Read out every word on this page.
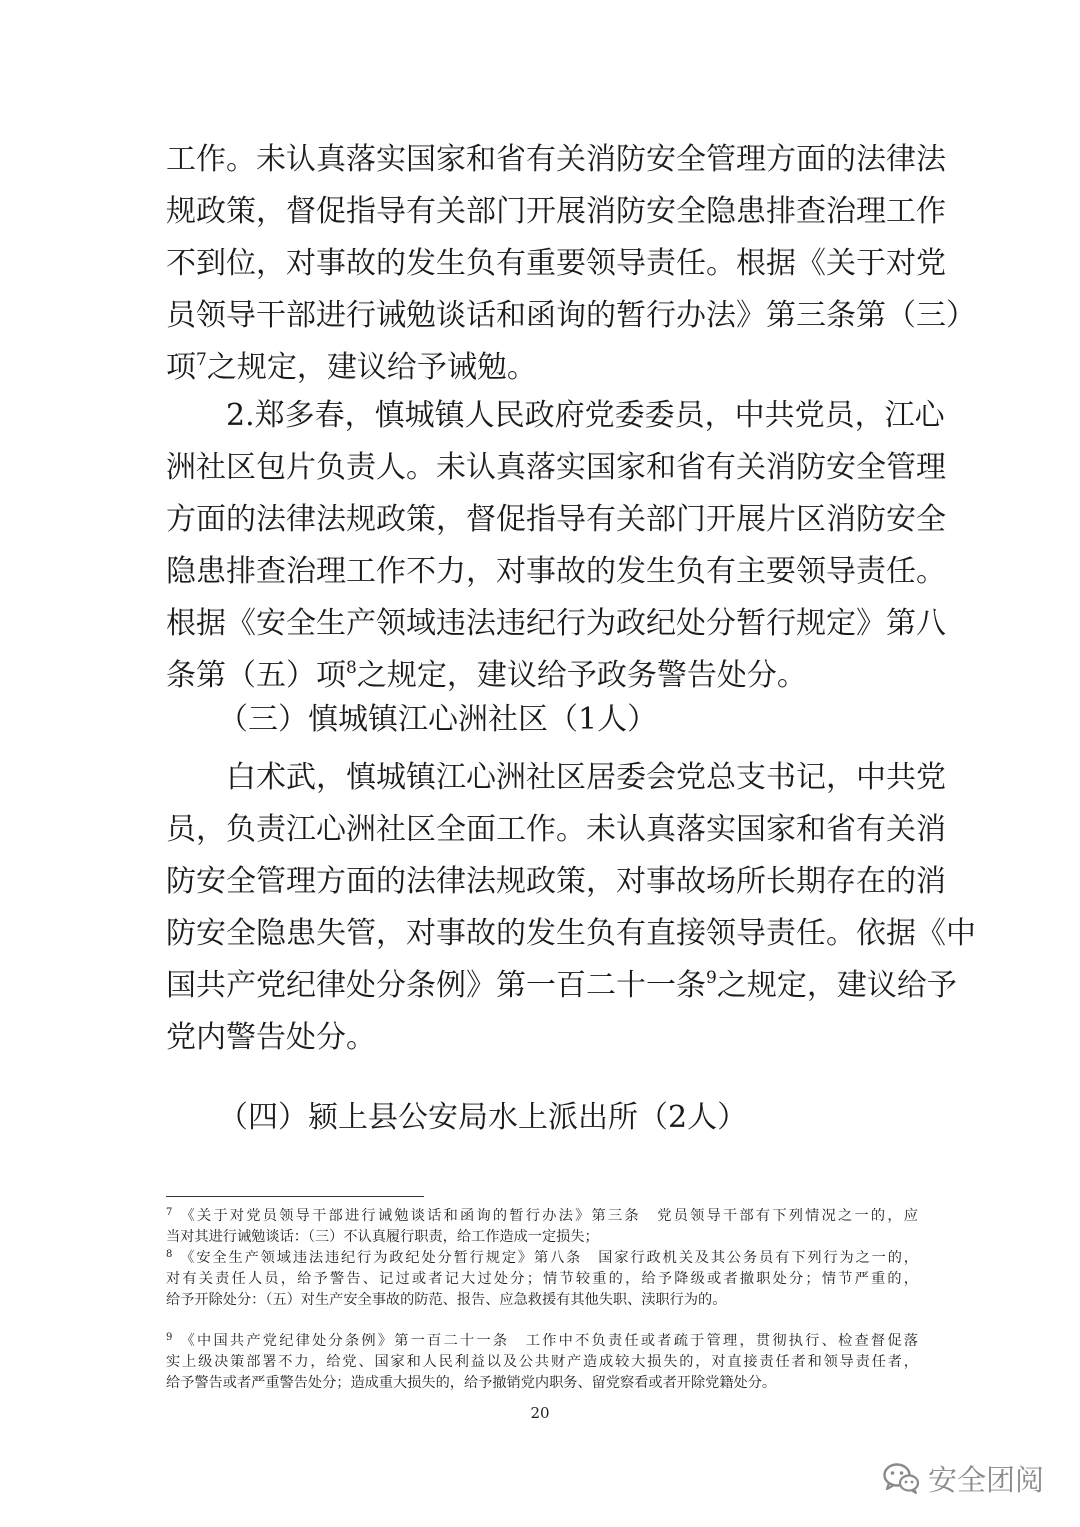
工作。未认真落实国家和省有关消防安全管理方面的法律法
规政策，督促指导有关部门开展消防安全隐患排查治理工作
不到位，对事故的发生负有重要领导责任。根据《关于对党
员领导干部进行诫勉谈话和函询的暂行办法》第三条第（三）
项$^7$之规定，建议给予诫勉。
2.郑多春，慎城镇人民政府党委委员，中共党员，江心
洲社区包片负责人。未认真落实国家和省有关消防安全管理
方面的法律法规政策，督促指导有关部门开展片区消防安全
隐患排查治理工作不力，对事故的发生负有主要领导责任。
根据《安全生产领域违法违纪行为政纪处分暂行规定》第八
条第（五）项$^8$之规定，建议给予政务警告处分。
（三）慎城镇江心洲社区（1人）
白术武，慎城镇江心洲社区居委会党总支书记，中共党
员，负责江心洲社区全面工作。未认真落实国家和省有关消
防安全管理方面的法律法规政策，对事故场所长期存在的消
防安全隐患失管，对事故的发生负有直接领导责任。依据《中
国共产党纪律处分条例》第一百二十一条$^9$之规定，建议给予
党内警告处分。
（四）颍上县公安局水上派出所（2人）
$^7$ 《关于对党员领导干部进行诫勉谈话和函询的暂行办法》第三条　党员领导干部有下列情况之一的，应
当对其进行诫勉谈话：（三）不认真履行职责，给工作造成一定损失；
$^8$ 《安全生产领域违法违纪行为政纪处分暂行规定》第八条　国家行政机关及其公务员有下列行为之一的，
对有关责任人员，给予警告、记过或者记大过处分；情节较重的，给予降级或者撤职处分；情节严重的，
给予开除处分：（五）对生产安全事故的防范、报告、应急救援有其他失职、渎职行为的。
$^9$ 《中国共产党纪律处分条例》第一百二十一条　工作中不负责任或者疏于管理，贯彻执行、检查督促落
实上级决策部署不力，给党、国家和人民利益以及公共财产造成较大损失的，对直接责任者和领导责任者，
给予警告或者严重警告处分；造成重大损失的，给予撤销党内职务、留党察看或者开除党籍处分。
20
安全团阅
